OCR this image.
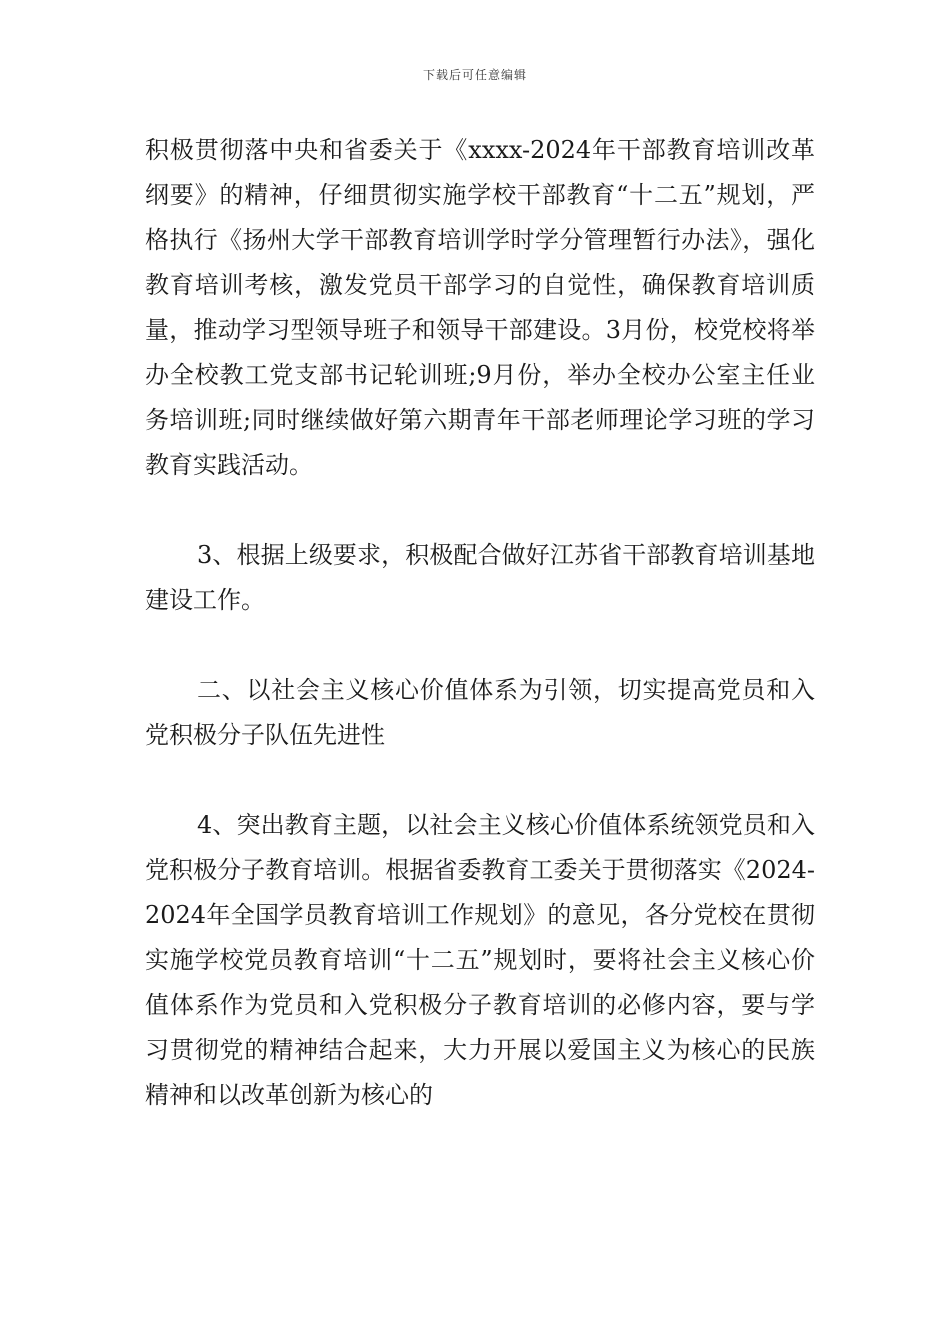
下载后可任意编辑

积极贯彻落中央和省委关于《xxxx-2024年干部教育培训改革纲要》的精神，仔细贯彻实施学校干部教育“十二五”规划，严格执行《扬州大学干部教育培训学时学分管理暂行办法》，强化教育培训考核，激发党员干部学习的自觉性，确保教育培训质量，推动学习型领导班子和领导干部建设。3月份，校党校将举办全校教工党支部书记轮训班;9月份，举办全校办公室主任业务培训班;同时继续做好第六期青年干部老师理论学习班的学习教育实践活动。

3、根据上级要求，积极配合做好江苏省干部教育培训基地建设工作。

二、以社会主义核心价值体系为引领，切实提高党员和入党积极分子队伍先进性

4、突出教育主题，以社会主义核心价值体系统领党员和入党积极分子教育培训。根据省委教育工委关于贯彻落实《2024-2024年全国学员教育培训工作规划》的意见，各分党校在贯彻实施学校党员教育培训“十二五”规划时，要将社会主义核心价值体系作为党员和入党积极分子教育培训的必修内容，要与学习贯彻党的精神结合起来，大力开展以爱国主义为核心的民族精神和以改革创新为核心的
